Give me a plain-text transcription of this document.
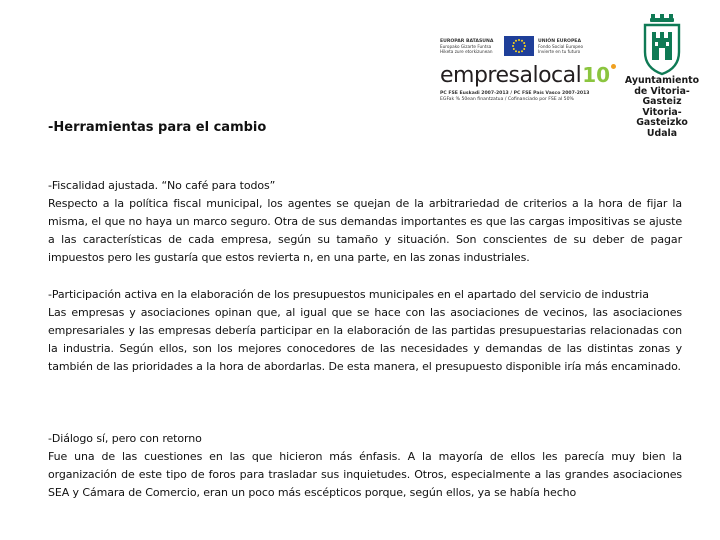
EUROPAR BATASUNA
Europako Gizarte Funtsa
Hiketa zure etorkizunean
UNIÓN EUROPEA
Fondo Social Europeo
Invierte en tu futuro
empresa local 10
PC FSE Euskadi 2007-2013 / PC FSE País Vasco 2007-2013
EGFak % 50ean finantzatua / Cofinanciado por FSE al 50%
Ayuntamiento
de Vitoria-Gasteiz
Vitoria-Gasteizko
Udala
-Herramientas para el cambio

-Fiscalidad ajustada. “No café para todos”

Respecto a la política fiscal municipal, los agentes se quejan de la arbitrariedad de criterios a la hora de fijar la misma, el que no haya un marco seguro. Otra de sus demandas importantes es que las cargas impositivas se ajuste a las características de cada empresa, según su tamaño y situación. Son conscientes de su deber de pagar impuestos pero les gustaría que estos revierta n, en una parte, en las zonas industriales.

-Participación activa en la elaboración de los presupuestos municipales en el apartado del servicio de industria

Las empresas y asociaciones opinan que, al igual que se hace con las asociaciones de vecinos, las asociaciones empresariales y las empresas debería participar en la elaboración de las partidas presupuestarias relacionadas con la industria. Según ellos, son los mejores conocedores de las necesidades y demandas de las distintas zonas y también de las prioridades a la hora de abordarlas. De esta manera, el presupuesto disponible iría más encaminado.

-Diálogo sí, pero con retorno

Fue una de las cuestiones en las que hicieron más énfasis. A la mayoría de ellos les parecía muy bien la organización de este tipo de foros para trasladar sus inquietudes. Otros, especialmente a las grandes asociaciones SEA y Cámara de Comercio, eran un poco más escépticos porque, según ellos, ya se había hecho
